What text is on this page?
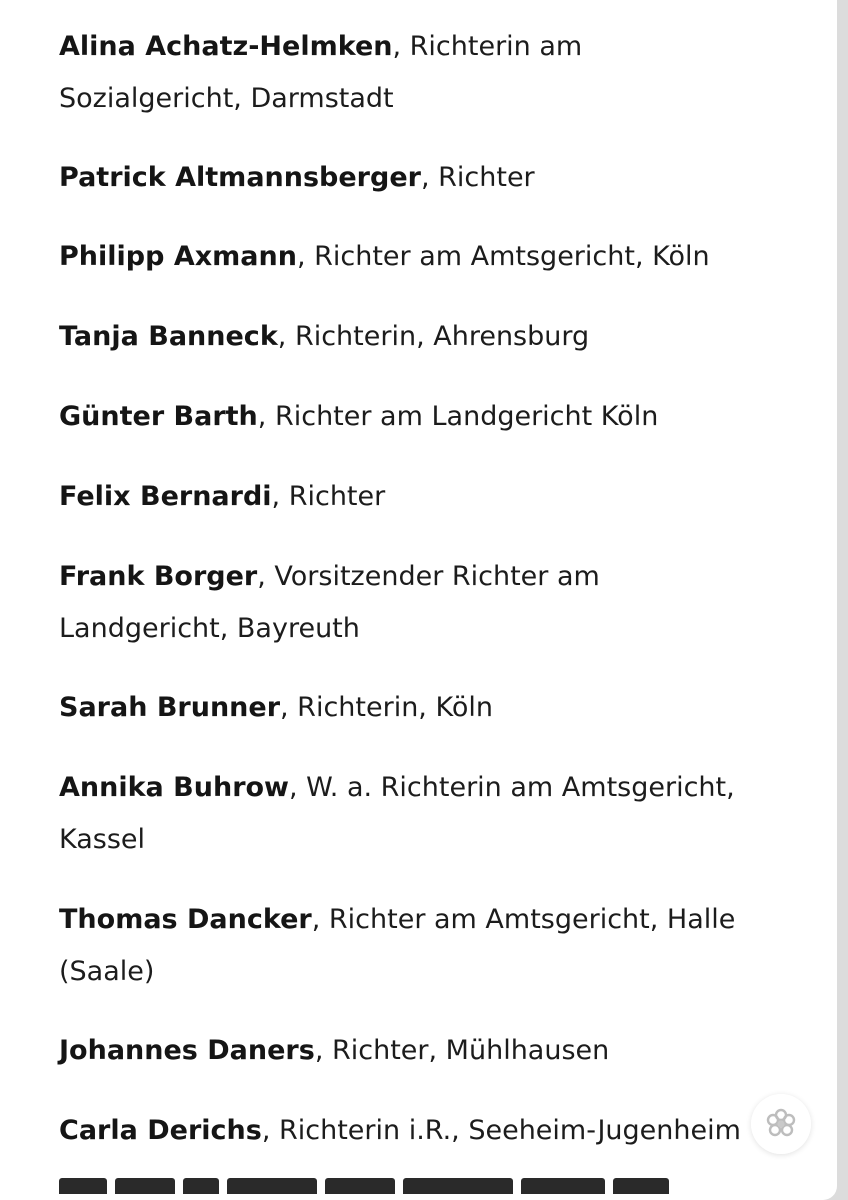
Alina Achatz-Helmken, Richterin am
Sozialgericht, Darmstadt
Patrick Altmannsberger, Richter
Philipp Axmann, Richter am Amtsgericht, Köln
Tanja Banneck, Richterin, Ahrensburg
Günter Barth, Richter am Landgericht Köln
Felix Bernardi, Richter
Frank Borger, Vorsitzender Richter am
Landgericht, Bayreuth
Sarah Brunner, Richterin, Köln
Annika Buhrow, W. a. Richterin am Amtsgericht,
Kassel
Thomas Dancker, Richter am Amtsgericht, Halle
(Saale)
Johannes Daners, Richter, Mühlhausen
Carla Derichs, Richterin i.R., Seeheim-Jugenheim
